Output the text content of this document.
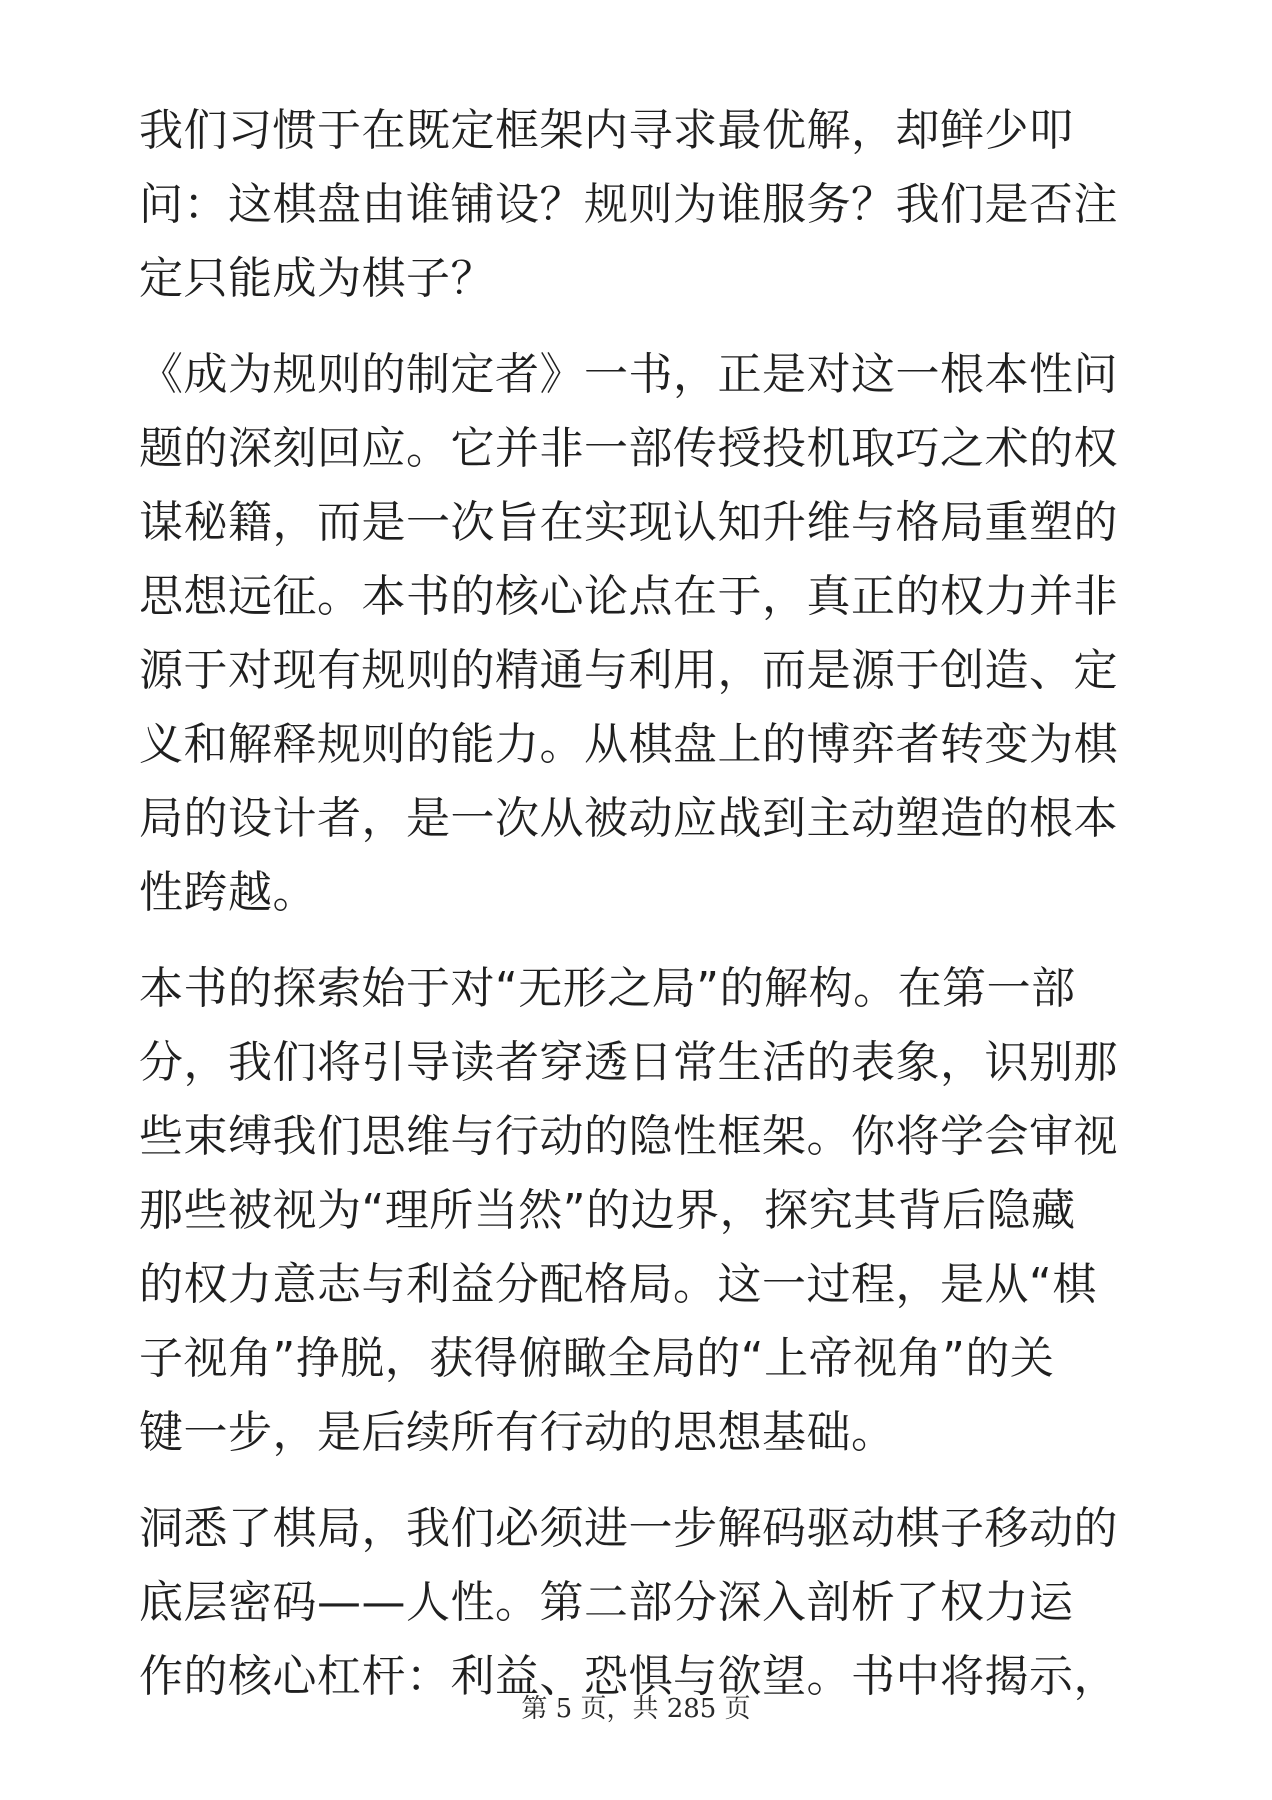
我们习惯于在既定框架内寻求最优解，却鲜少叩
问：这棋盘由谁铺设？规则为谁服务？我们是否注
定只能成为棋子？

《成为规则的制定者》一书，正是对这一根本性问
题的深刻回应。它并非一部传授投机取巧之术的权
谋秘籍，而是一次旨在实现认知升维与格局重塑的
思想远征。本书的核心论点在于，真正的权力并非
源于对现有规则的精通与利用，而是源于创造、定
义和解释规则的能力。从棋盘上的博弈者转变为棋
局的设计者，是一次从被动应战到主动塑造的根本
性跨越。

本书的探索始于对“无形之局”的解构。在第一部
分，我们将引导读者穿透日常生活的表象，识别那
些束缚我们思维与行动的隐性框架。你将学会审视
那些被视为“理所当然”的边界，探究其背后隐藏
的权力意志与利益分配格局。这一过程，是从“棋
子视角”挣脱，获得俯瞰全局的“上帝视角”的关
键一步，是后续所有行动的思想基础。

洞悉了棋局，我们必须进一步解码驱动棋子移动的
底层密码——人性。第二部分深入剖析了权力运
作的核心杠杆：利益、恐惧与欲望。书中将揭示，

第 5 页，共 285 页
